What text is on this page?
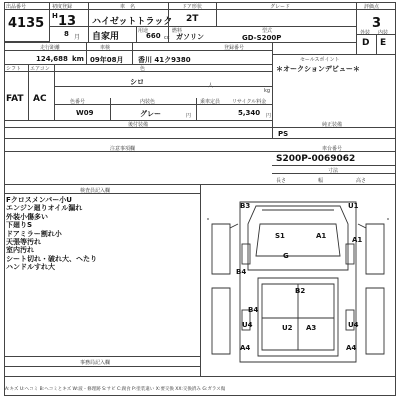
出品番号
4135
初度登録
H 13
車　名
ハイゼットトラック
ドア形状
2T
グレード	評価点
3
8 月 自家用
用途
660 cc
燃料
ガソリン
型式
GD-S200P
外装 内装
D E
走行距離	車検	登録番号
セールスポイント
124,688 km 09年08月 香川 41ク9380
＊オークションデビュー＊
シフト エアコン	色
FAT AC
シロ	人
kg
色番号	内装色	乗車定員 リサイクル料金
W09	グレー	円	5,340 円
後付装備	純正装備
PS
注意事項欄	車台番号
S200P-0069062
寸法
長さ	幅	高さ
検査員記入欄
Fクロスメンバー小U
エンジン廻りオイル漏れ
外装小傷多い
下廻りS
ドアミラー割れ小
天張等汚れ
室内汚れ
シート切れ・破れ大、へたり
ハンドルすれ大
事務局記入欄
B3	U1
S1	A1	A1
G
B4
B2
B4
U2 A3
U4	U4
A4	A4
A:キズ U:ヘコミ B:ヘコミとキズ W:波・修理跡 S:サビ C:腐食 P:塗装違い X:要交換 XX:交換済み G:ガラス傷
